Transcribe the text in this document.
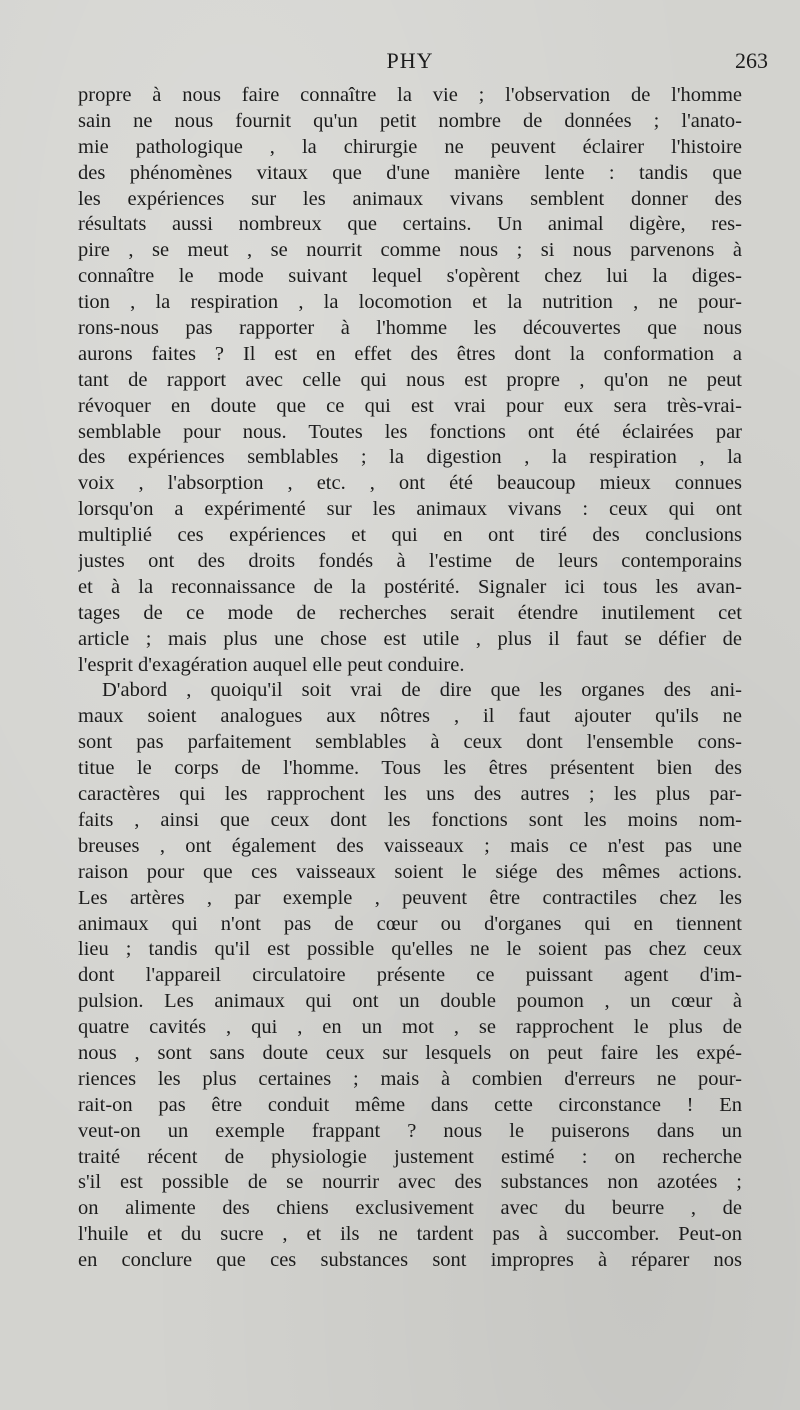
PHY	263
propre à nous faire connaître la vie ; l'observation de l'homme
sain ne nous fournit qu'un petit nombre de données ; l'anato-
mie pathologique , la chirurgie ne peuvent éclairer l'histoire
des phénomènes vitaux que d'une manière lente : tandis que
les expériences sur les animaux vivans semblent donner des
résultats aussi nombreux que certains. Un animal digère, res-
pire , se meut , se nourrit comme nous ; si nous parvenons à
connaître le mode suivant lequel s'opèrent chez lui la diges-
tion , la respiration , la locomotion et la nutrition , ne pour-
rons-nous pas rapporter à l'homme les découvertes que nous
aurons faites ? Il est en effet des êtres dont la conformation a
tant de rapport avec celle qui nous est propre , qu'on ne peut
révoquer en doute que ce qui est vrai pour eux sera très-vrai-
semblable pour nous. Toutes les fonctions ont été éclairées par
des expériences semblables ; la digestion , la respiration , la
voix , l'absorption , etc. , ont été beaucoup mieux connues
lorsqu'on a expérimenté sur les animaux vivans : ceux qui ont
multiplié ces expériences et qui en ont tiré des conclusions
justes ont des droits fondés à l'estime de leurs contemporains
et à la reconnaissance de la postérité. Signaler ici tous les avan-
tages de ce mode de recherches serait étendre inutilement cet
article ; mais plus une chose est utile , plus il faut se défier de
l'esprit d'exagération auquel elle peut conduire.
D'abord , quoiqu'il soit vrai de dire que les organes des ani-
maux soient analogues aux nôtres , il faut ajouter qu'ils ne
sont pas parfaitement semblables à ceux dont l'ensemble cons-
titue le corps de l'homme. Tous les êtres présentent bien des
caractères qui les rapprochent les uns des autres ; les plus par-
faits , ainsi que ceux dont les fonctions sont les moins nom-
breuses , ont également des vaisseaux ; mais ce n'est pas une
raison pour que ces vaisseaux soient le siége des mêmes actions.
Les artères , par exemple , peuvent être contractiles chez les
animaux qui n'ont pas de cœur ou d'organes qui en tiennent
lieu ; tandis qu'il est possible qu'elles ne le soient pas chez ceux
dont l'appareil circulatoire présente ce puissant agent d'im-
pulsion. Les animaux qui ont un double poumon , un cœur à
quatre cavités , qui , en un mot , se rapprochent le plus de
nous , sont sans doute ceux sur lesquels on peut faire les expé-
riences les plus certaines ; mais à combien d'erreurs ne pour-
rait-on pas être conduit même dans cette circonstance ! En
veut-on un exemple frappant ? nous le puiserons dans un
traité récent de physiologie justement estimé : on recherche
s'il est possible de se nourrir avec des substances non azotées ;
on alimente des chiens exclusivement avec du beurre , de
l'huile et du sucre , et ils ne tardent pas à succomber. Peut-on
en conclure que ces substances sont impropres à réparer nos
